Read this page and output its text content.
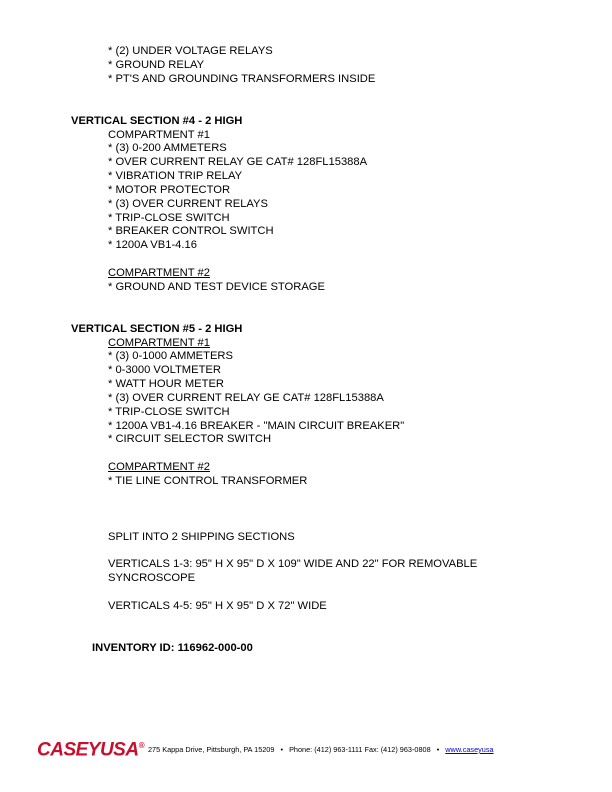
* (2) UNDER VOLTAGE RELAYS
* GROUND RELAY
* PT'S AND GROUNDING TRANSFORMERS INSIDE
VERTICAL SECTION #4 - 2 HIGH
COMPARTMENT #1
* (3) 0-200 AMMETERS
* OVER CURRENT RELAY GE CAT# 128FL15388A
* VIBRATION TRIP RELAY
* MOTOR PROTECTOR
* (3) OVER CURRENT RELAYS
* TRIP-CLOSE SWITCH
* BREAKER CONTROL SWITCH
* 1200A VB1-4.16
COMPARTMENT #2
* GROUND AND TEST DEVICE STORAGE
VERTICAL SECTION #5 - 2 HIGH
COMPARTMENT #1
* (3) 0-1000 AMMETERS
* 0-3000 VOLTMETER
* WATT HOUR METER
* (3) OVER CURRENT RELAY GE CAT# 128FL15388A
* TRIP-CLOSE SWITCH
* 1200A VB1-4.16 BREAKER - "MAIN CIRCUIT BREAKER"
* CIRCUIT SELECTOR SWITCH
COMPARTMENT #2
* TIE LINE CONTROL TRANSFORMER
SPLIT INTO 2 SHIPPING SECTIONS
VERTICALS 1-3: 95" H X 95" D X 109" WIDE AND 22" FOR REMOVABLE
SYNCROSCOPE
VERTICALS 4-5: 95" H X 95" D X 72" WIDE
INVENTORY ID: 116962-000-00
CASEYUSA® 275 Kappa Drive, Pittsburgh, PA 15209 • Phone: (412) 963-1111 Fax: (412) 963-0808 • www.caseyusa
